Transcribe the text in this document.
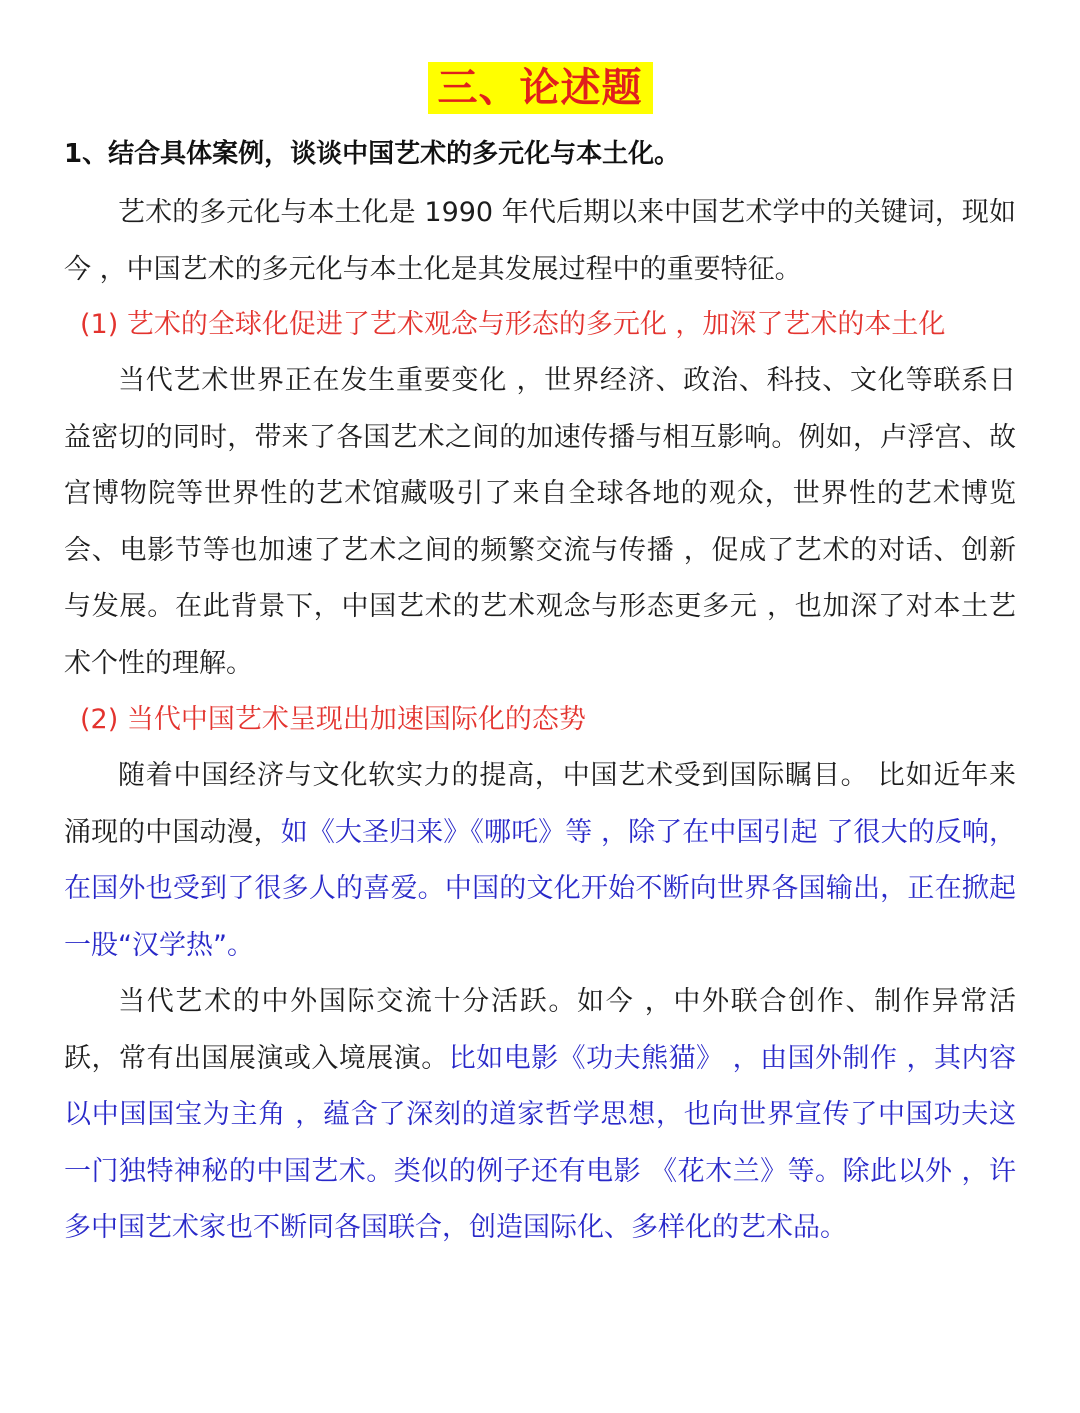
三、论述题
1、结合具体案例，谈谈中国艺术的多元化与本土化。

艺术的多元化与本土化是 1990 年代后期以来中国艺术学中的关键词，现如今 ，中国艺术的多元化与本土化是其发展过程中的重要特征。

(1) 艺术的全球化促进了艺术观念与形态的多元化 ，加深了艺术的本土化

当代艺术世界正在发生重要变化 ，世界经济、政治、科技、文化等联系日益密切的同时，带来了各国艺术之间的加速传播与相互影响。例如，卢浮宫、故宫博物院等世界性的艺术馆藏吸引了来自全球各地的观众，世界性的艺术博览会、电影节等也加速了艺术之间的频繁交流与传播 ，促成了艺术的对话、创新与发展。在此背景下，中国艺术的艺术观念与形态更多元 ，也加深了对本土艺术个性的理解。

(2) 当代中国艺术呈现出加速国际化的态势

随着中国经济与文化软实力的提高，中国艺术受到国际瞩目。 比如近年来涌现的中国动漫，如《大圣归来》《哪吒》等 ，除了在中国引起 了很大的反响，在国外也受到了很多人的喜爱。中国的文化开始不断向世界各国输出，正在掀起一股“汉学热”。

当代艺术的中外国际交流十分活跃。如今 ，中外联合创作、制作异常活跃，常有出国展演或入境展演。比如电影《功夫熊猫》 ，由国外制作 ，其内容以中国国宝为主角 ，蕴含了深刻的道家哲学思想，也向世界宣传了中国功夫这一门独特神秘的中国艺术。类似的例子还有电影 《花木兰》等。除此以外 ，许多中国艺术家也不断同各国联合，创造国际化、多样化的艺术品。
